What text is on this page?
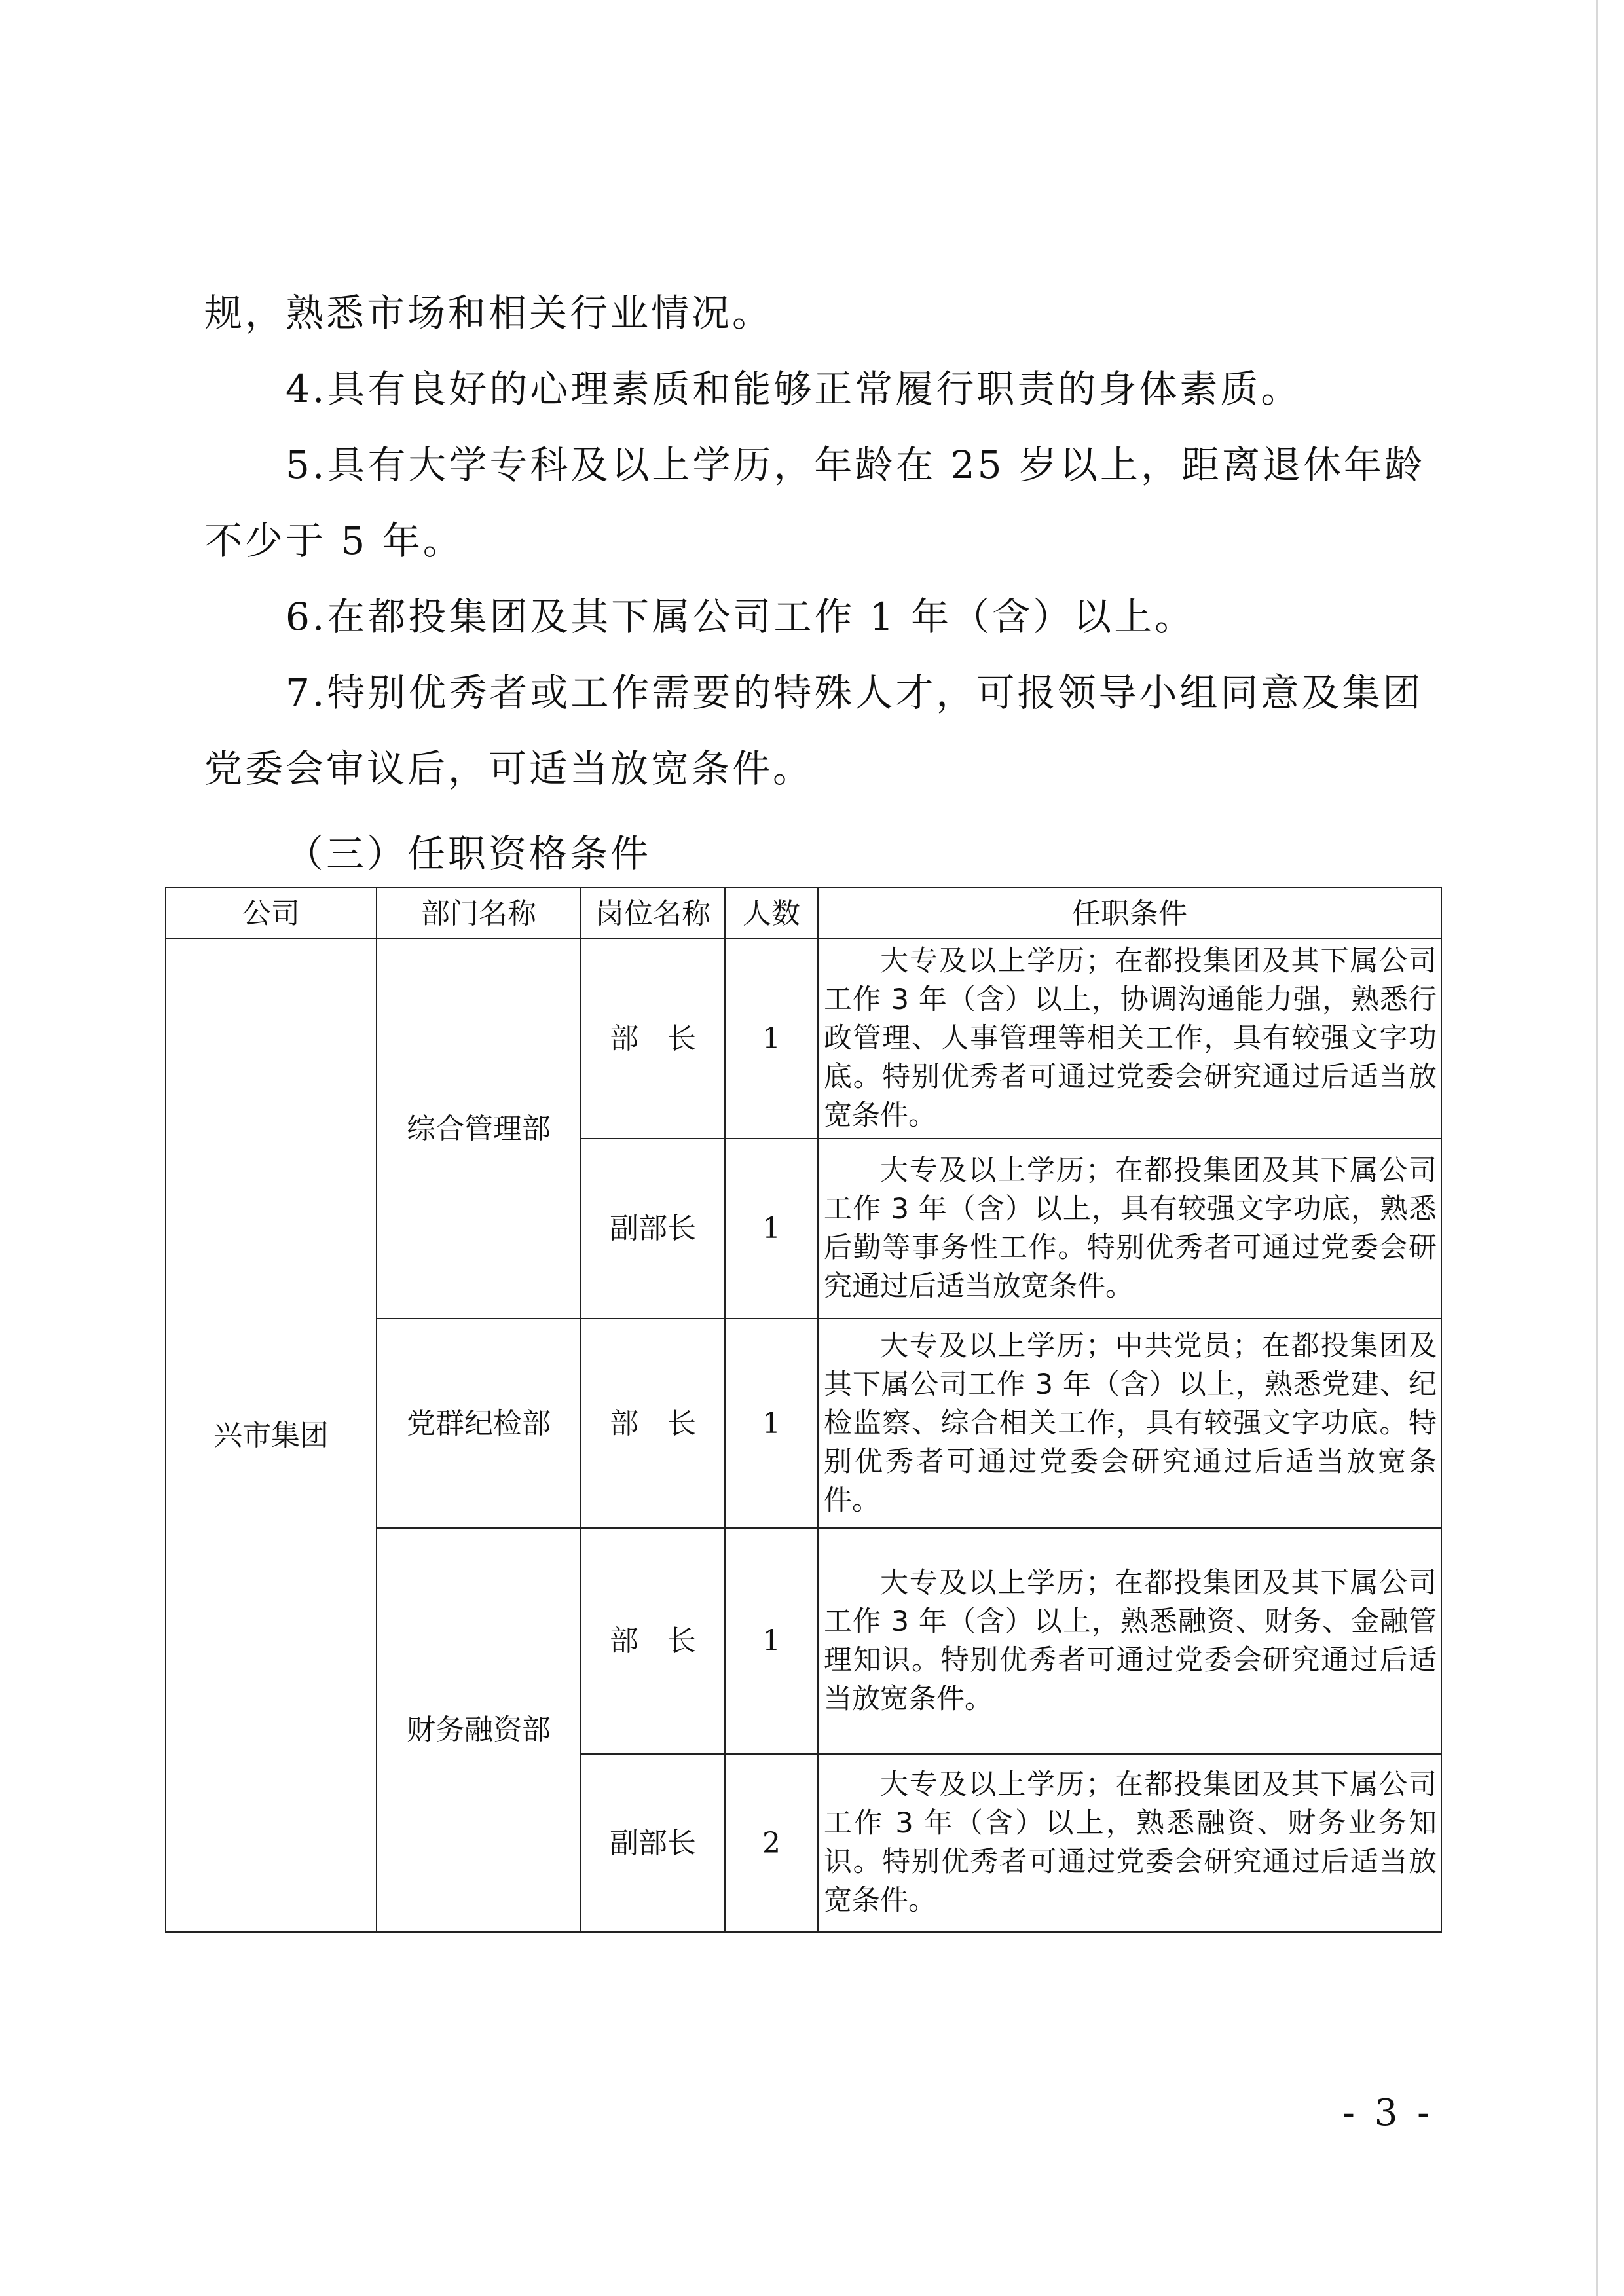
规，熟悉市场和相关行业情况。

4.具有良好的心理素质和能够正常履行职责的身体素质。

5.具有大学专科及以上学历，年龄在 25 岁以上，距离退休年龄不少于 5 年。

6.在都投集团及其下属公司工作 1 年（含）以上。

7.特别优秀者或工作需要的特殊人才，可报领导小组同意及集团党委会审议后，可适当放宽条件。

（三）任职资格条件
公司	部门名称	岗位名称	人数	任职条件
兴市集团	综合管理部	部　长	1	大专及以上学历；在都投集团及其下属公司工作 3 年（含）以上，协调沟通能力强，熟悉行政管理、人事管理等相关工作，具有较强文字功底。特别优秀者可通过党委会研究通过后适当放宽条件。

		副部长	1	大专及以上学历；在都投集团及其下属公司工作 3 年（含）以上，具有较强文字功底，熟悉后勤等事务性工作。特别优秀者可通过党委会研究通过后适当放宽条件。

	党群纪检部	部　长	1	大专及以上学历；中共党员；在都投集团及其下属公司工作 3 年（含）以上，熟悉党建、纪检监察、综合相关工作，具有较强文字功底。特别优秀者可通过党委会研究通过后适当放宽条件。

	财务融资部	部　长	1	大专及以上学历；在都投集团及其下属公司工作 3 年（含）以上，熟悉融资、财务、金融管理知识。特别优秀者可通过党委会研究通过后适当放宽条件。

		副部长	2	大专及以上学历；在都投集团及其下属公司工作 3 年（含）以上，熟悉融资、财务业务知识。特别优秀者可通过党委会研究通过后适当放宽条件。
- 3 -
